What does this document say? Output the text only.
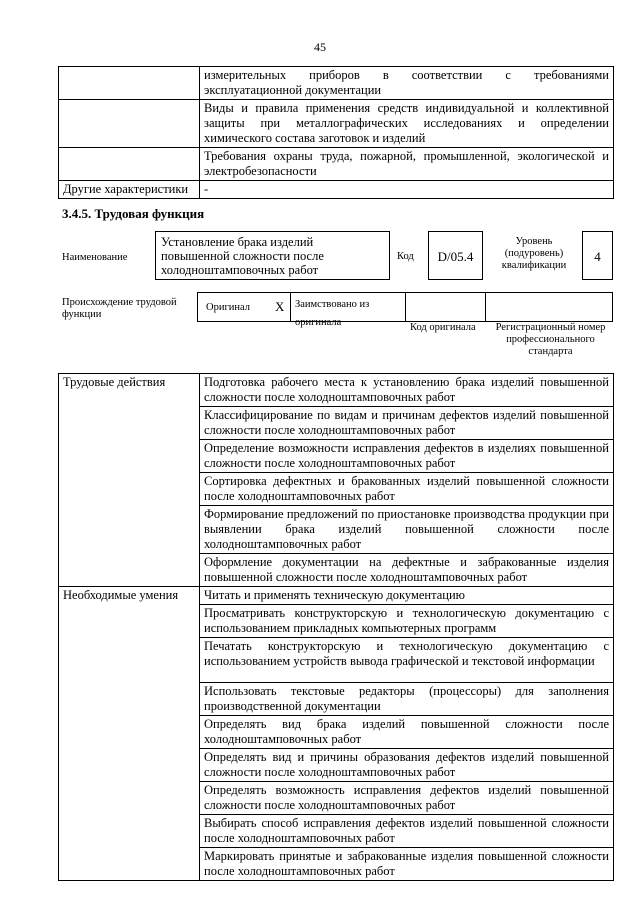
45
	измерительных приборов в соответствии с требованиями эксплуатационной документации
	Виды и правила применения средств индивидуальной и коллективной защиты при металлографических исследованиях и определении химического состава заготовок и изделий
	Требования охраны труда, пожарной, промышленной, экологической и электробезопасности
Другие характеристики	-
3.4.5. Трудовая функция
Наименование
Установление брака изделий повышенной сложности после холодноштамповочных работ
Код	D/05.4
Уровень (подуровень) квалификации
4
Происхождение трудовой функции
Оригинал X	Заимствовано из оригинала	Код оригинала	Регистрационный номер профессионального стандарта
Трудовые действия	Подготовка рабочего места к установлению брака изделий повышенной сложности после холодноштамповочных работ
	Классифицирование по видам и причинам дефектов изделий повышенной сложности после холодноштамповочных работ
	Определение возможности исправления дефектов в изделиях повышенной сложности после холодноштамповочных работ
	Сортировка дефектных и бракованных изделий повышенной сложности после холодноштамповочных работ
	Формирование предложений по приостановке производства продукции при выявлении брака изделий повышенной сложности после холодноштамповочных работ
	Оформление документации на дефектные и забракованные изделия повышенной сложности после холодноштамповочных работ
Необходимые умения	Читать и применять техническую документацию
	Просматривать конструкторскую и технологическую документацию с использованием прикладных компьютерных программ
	Печатать конструкторскую и технологическую документацию с использованием устройств вывода графической и текстовой информации
	Использовать текстовые редакторы (процессоры) для заполнения производственной документации
	Определять вид брака изделий повышенной сложности после холодноштамповочных работ
	Определять вид и причины образования дефектов изделий повышенной сложности после холодноштамповочных работ
	Определять возможность исправления дефектов изделий повышенной сложности после холодноштамповочных работ
	Выбирать способ исправления дефектов изделий повышенной сложности после холодноштамповочных работ
	Маркировать принятые и забракованные изделия повышенной сложности после холодноштамповочных работ
